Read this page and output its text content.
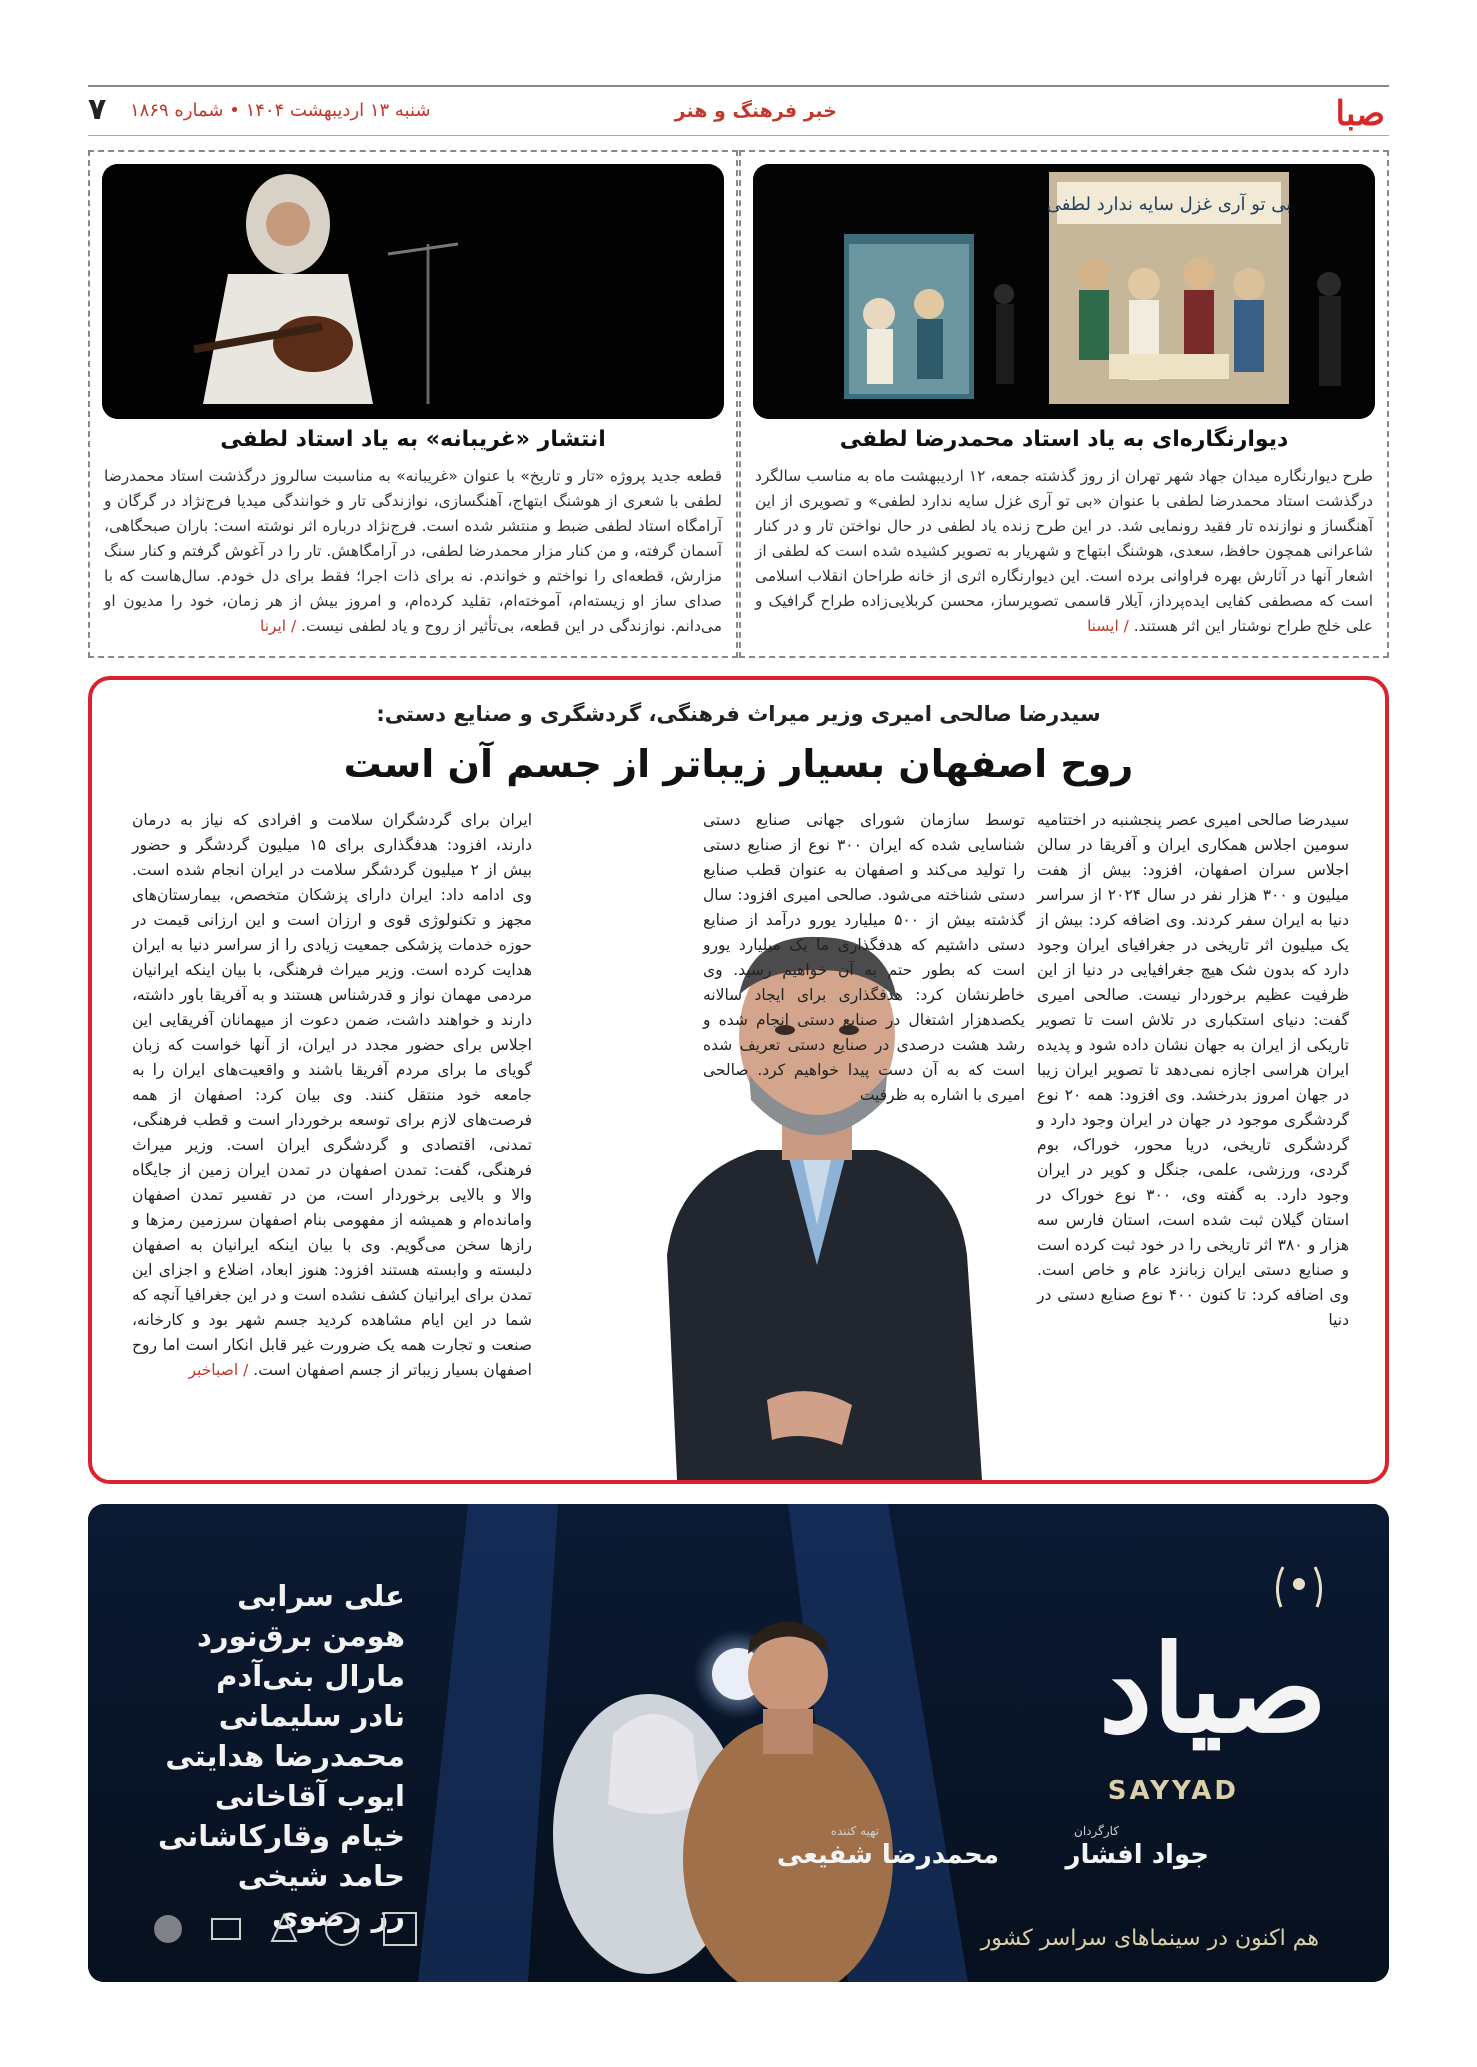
صبا
خبر فرهنگ و هنر
شنبه ۱۳ اردیبهشت ۱۴۰۴ • شماره ۱۸۶۹
۷
بی تو آری غزل سایه ندارد لطفی
دیوارنگاره‌ای به یاد استاد محمدرضا لطفی
طرح دیوارنگاره میدان جهاد شهر تهران از روز گذشته جمعه، ۱۲ اردیبهشت ماه به مناسب سالگرد درگذشت استاد محمدرضا لطفی با عنوان «بی تو آری غزل سایه ندارد لطفی» و تصویری از این آهنگساز و نوازنده تار فقید رونمایی شد. در این طرح زنده یاد لطفی در حال نواختن تار و در کنار شاعرانی همچون حافظ، سعدی، هوشنگ ابتهاج و شهریار به تصویر کشیده شده است که لطفی از اشعار آنها در آثارش بهره فراوانی برده است. این دیوارنگاره اثری از خانه طراحان انقلاب اسلامی است که مصطفی کفایی ایده‌پرداز، آیلار قاسمی تصویرساز، محسن کربلایی‌زاده طراح گرافیک و علی خلج طراح نوشتار این اثر هستند. / ایسنا
انتشار «غریبانه» به یاد استاد لطفی
قطعه جدید پروژه «تار و تاریخ» با عنوان «غریبانه» به مناسبت سالروز درگذشت استاد محمدرضا لطفی با شعری از هوشنگ ابتهاج، آهنگسازی، نوازندگی تار و خوانندگی میدیا فرج‌نژاد در گرگان و آرامگاه استاد لطفی ضبط و منتشر شده است. فرج‌نژاد درباره اثر نوشته است: باران صبحگاهی، آسمان گرفته، و من کنار مزار محمدرضا لطفی، در آرامگاهش. تار را در آغوش گرفتم و کنار سنگ مزارش، قطعه‌ای را نواختم و خواندم. نه برای ذات اجرا؛ فقط برای دل خودم. سال‌هاست که با صدای ساز او زیسته‌ام، آموخته‌ام، تقلید کرده‌ام، و امروز بیش از هر زمان، خود را مدیون او می‌دانم. نوازندگی در این قطعه، بی‌تأثیر از روح و یاد لطفی نیست. / ایرنا
سیدرضا صالحی امیری وزیر میراث فرهنگی، گردشگری و صنایع دستی:
روح اصفهان بسیار زیباتر از جسم آن است

سیدرضا صالحی امیری عصر پنجشنبه در اختتامیه سومین اجلاس همکاری ایران و آفریقا در سالن اجلاس سران اصفهان، افزود: بیش از هفت میلیون و ۳۰۰ هزار نفر در سال ۲۰۲۴ از سراسر دنیا به ایران سفر کردند. وی اضافه کرد: بیش از یک میلیون اثر تاریخی در جغرافیای ایران وجود دارد که بدون شک هیچ جغرافیایی در دنیا از این ظرفیت عظیم برخوردار نیست. صالحی امیری گفت: دنیای استکباری در تلاش است تا تصویر تاریکی از ایران به جهان نشان داده شود و پدیده ایران هراسی اجازه نمی‌دهد تا تصویر ایران زیبا در جهان امروز بدرخشد. وی افزود: همه ۲۰ نوع گردشگری موجود در جهان در ایران وجود دارد و گردشگری تاریخی، دریا محور، خوراک، بوم گردی، ورزشی، علمی، جنگل و کویر در ایران وجود دارد. به گفته وی، ۳۰۰ نوع خوراک در استان گیلان ثبت شده است، استان فارس سه هزار و ۳۸۰ اثر تاریخی را در خود ثبت کرده است و صنایع دستی ایران زبانزد عام و خاص است. وی اضافه کرد: تا کنون ۴۰۰ نوع صنایع دستی در دنیا

توسط سازمان شورای جهانی صنایع دستی شناسایی شده که ایران ۳۰۰ نوع از صنایع دستی را تولید می‌کند و اصفهان به عنوان قطب صنایع دستی شناخته می‌شود. صالحی امیری افزود: سال گذشته بیش از ۵۰۰ میلیارد یورو درآمد از صنایع دستی داشتیم که هدفگذاری ما یک میلیارد یورو است که بطور حتم به آن خواهیم رسید. وی خاطرنشان کرد: هدفگذاری برای ایجاد سالانه یکصدهزار اشتغال در صنایع دستی انجام شده و رشد هشت درصدی در صنایع دستی تعریف شده است که به آن دست پیدا خواهیم کرد. صالحی امیری با اشاره به ظرفیت

ایران برای گردشگران سلامت و افرادی که نیاز به درمان دارند، افزود: هدفگذاری برای ۱۵ میلیون گردشگر و حضور بیش از ۲ میلیون گردشگر سلامت در ایران انجام شده است. وی ادامه داد: ایران دارای پزشکان متخصص، بیمارستان‌های مجهز و تکنولوژی قوی و ارزان است و این ارزانی قیمت در حوزه خدمات پزشکی جمعیت زیادی را از سراسر دنیا به ایران هدایت کرده است. وزیر میراث فرهنگی، با بیان اینکه ایرانیان مردمی مهمان نواز و قدرشناس هستند و به آفریقا باور داشته، دارند و خواهند داشت، ضمن دعوت از میهمانان آفریقایی این اجلاس برای حضور مجدد در ایران، از آنها خواست که زبان گویای ما برای مردم آفریقا باشند و واقعیت‌های ایران را به جامعه خود منتقل کنند. وی بیان کرد: اصفهان از همه فرصت‌های لازم برای توسعه برخوردار است و قطب فرهنگی، تمدنی، اقتصادی و گردشگری ایران است. وزیر میراث فرهنگی، گفت: تمدن اصفهان در تمدن ایران زمین از جایگاه والا و بالایی برخوردار است، من در تفسیر تمدن اصفهان وامانده‌ام و همیشه از مفهومی بنام اصفهان سرزمین رمزها و رازها سخن می‌گویم. وی با بیان اینکه ایرانیان به اصفهان دلبسته و وابسته هستند افزود: هنوز ابعاد، اضلاع و اجزای این تمدن برای ایرانیان کشف نشده است و در این جغرافیا آنچه که شما در این ایام مشاهده کردید جسم شهر بود و کارخانه، صنعت و تجارت همه یک ضرورت غیر قابل انکار است اما روح اصفهان بسیار زیباتر از جسم اصفهان است. / اصباخبر

علی سرابی
هومن برق‌نورد
مارال بنی‌آدم
نادر سلیمانی
محمدرضا هدایتی
ایوب آقاخانی
خیام وقارکاشانی
حامد شیخی
رز رضوی
صیاد
SAYYAD
کارگردان
جواد افشار
تهیه کننده
محمدرضا شفیعی
هم اکنون در سینماهای سراسر کشور
